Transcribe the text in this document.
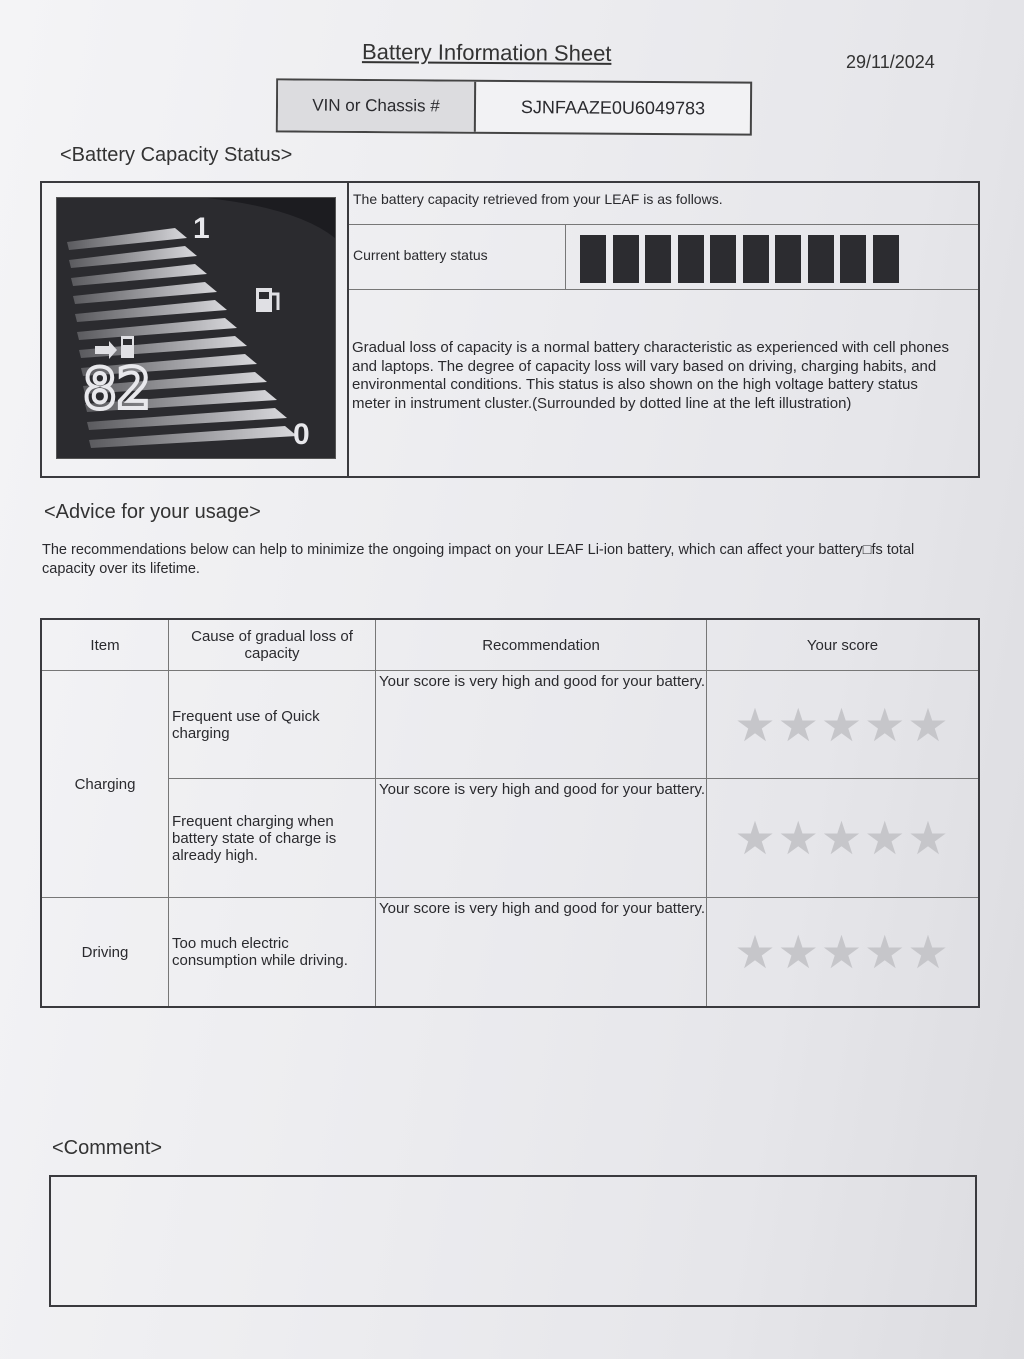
Battery Information Sheet	29/11/2024
VIN or Chassis #	SJNFAAZE0U6049783
<Battery Capacity Status>
82
1
0
The battery capacity retrieved from your LEAF is as follows.
Current battery status
Gradual loss of capacity is a normal battery characteristic as experienced with cell phones and laptops. The degree of capacity loss will vary based on driving, charging habits, and environmental conditions. This status is also shown on the high voltage battery status meter in instrument cluster.(Surrounded by dotted line at the left illustration)
<Advice for your usage>
The recommendations below can help to minimize the ongoing impact on your LEAF Li-ion battery, which can affect your battery□fs total capacity over its lifetime.
Item	Cause of gradual loss of capacity	Recommendation	Your score
Charging	Frequent use of Quick charging	Your score is very high and good for your battery.	★★★★★
	Frequent charging when battery state of charge is already high.	Your score is very high and good for your battery.	★★★★★
Driving	Too much electric consumption while driving.	Your score is very high and good for your battery.	★★★★★
<Comment>
